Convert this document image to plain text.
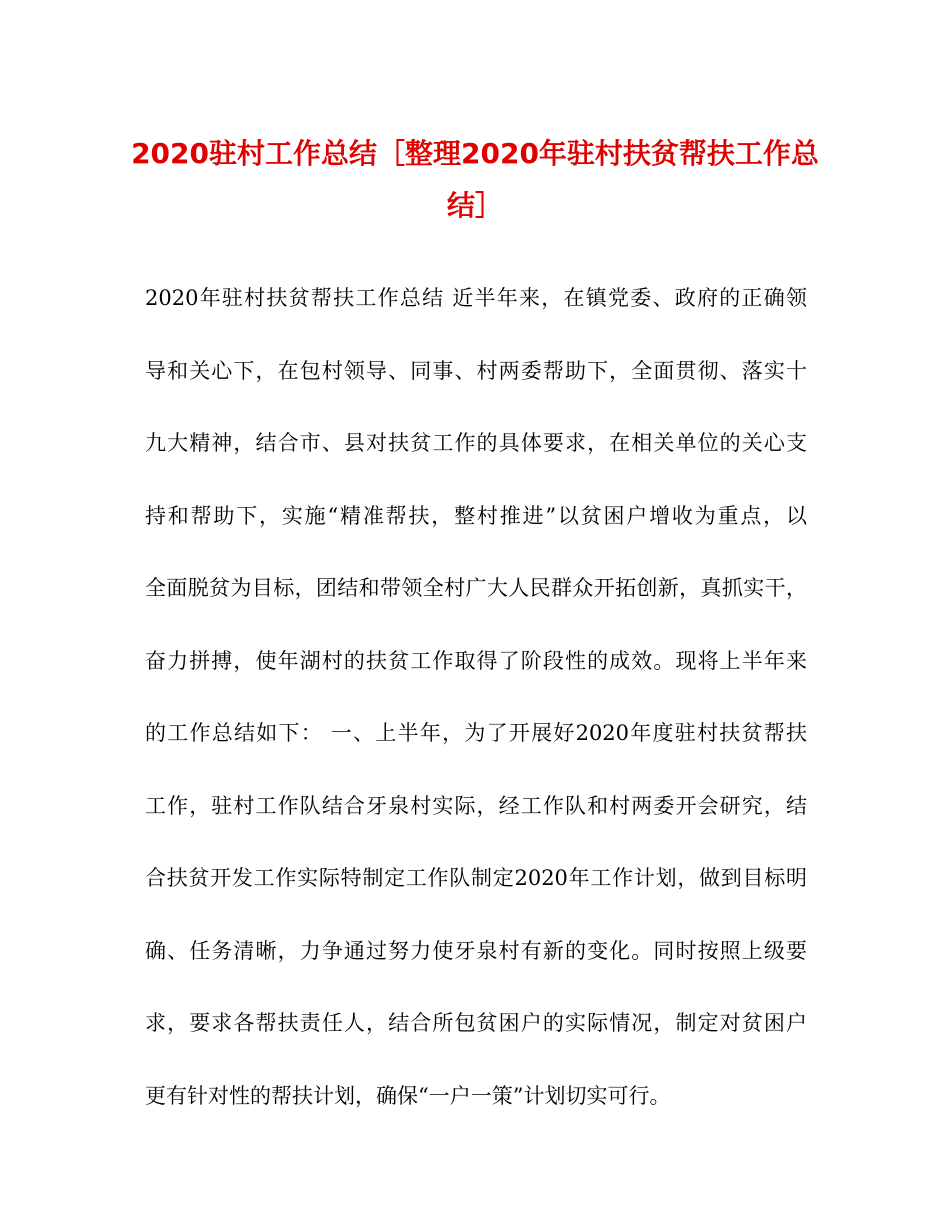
2020驻村工作总结［整理2020年驻村扶贫帮扶工作总
结］
2020年驻村扶贫帮扶工作总结 近半年来，在镇党委、政府的正确领
导和关心下，在包村领导、同事、村两委帮助下，全面贯彻、落实十
九大精神，结合市、县对扶贫工作的具体要求，在相关单位的关心支
持和帮助下，实施“精准帮扶，整村推进”以贫困户增收为重点，以
全面脱贫为目标，团结和带领全村广大人民群众开拓创新，真抓实干，
奋力拼搏，使年湖村的扶贫工作取得了阶段性的成效。现将上半年来
的工作总结如下： 一、上半年，为了开展好2020年度驻村扶贫帮扶
工作，驻村工作队结合牙泉村实际，经工作队和村两委开会研究，结
合扶贫开发工作实际特制定工作队制定2020年工作计划，做到目标明
确、任务清晰，力争通过努力使牙泉村有新的变化。同时按照上级要
求，要求各帮扶责任人，结合所包贫困户的实际情况，制定对贫困户
更有针对性的帮扶计划，确保“一户一策”计划切实可行。
